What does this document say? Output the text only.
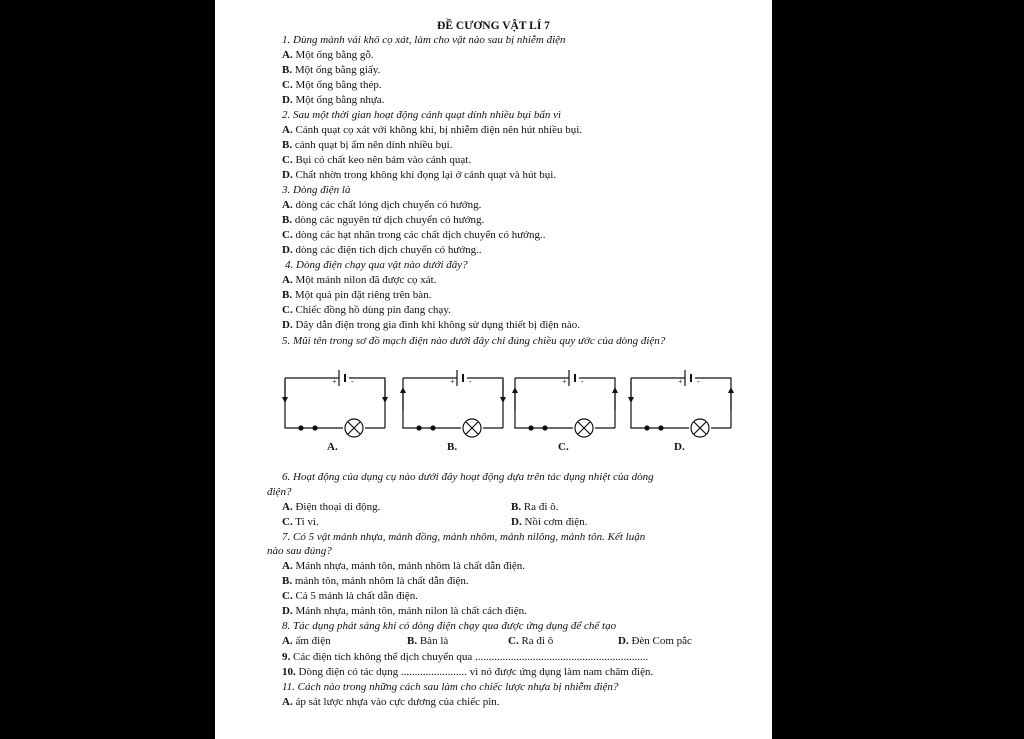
ĐỀ CƯƠNG VẬT LÍ 7
1. Dùng mảnh vải khô cọ xát, làm cho vật nào sau bị nhiễm điện
A. Một ống bằng gỗ.
B. Một ống bằng giấy.
C. Một ống bằng thép.
D. Một ống bằng nhựa.
2. Sau một thời gian hoạt động cánh quạt dính nhiều bụi bẩn vì
A. Cánh quạt cọ xát với không khí, bị nhiễm điện nên hút nhiều bụi.
B. cánh quạt bị ẩm nên dính nhiều bụi.
C. Bụi có chất keo nên bám vào cánh quạt.
D. Chất nhờn trong không khí đọng lại ở cánh quạt và hút bụi.
3. Dòng điện là
A. dòng các chất lỏng dịch chuyển có hướng.
B. dòng các nguyên tử dịch chuyển có hướng.
C. dòng các hạt nhân trong các chất dịch chuyển có hướng..
D. dòng các điện tích dịch chuyển có hướng..
4. Dòng điện chạy qua vật nào dưới đây?
A. Một mảnh nilon đã được cọ xát.
B. Một quả pin đặt riêng trên bàn.
C. Chiếc đồng hồ dùng pin đang chạy.
D. Dây dẫn điện trong gia đình khi không sử dụng thiết bị điện nào.
5. Mũi tên trong sơ đồ mạch điện nào dưới đây chỉ đúng chiều quy ước của dòng điện?
+ -	+ -	+ -	+ -
A.	B.	C.	D.
6. Hoạt động của dụng cụ nào dưới đây hoạt động dựa trên tác dụng nhiệt của dòng
điện?
A. Điện thoại di động.	B. Ra đi ô.
C. Ti vi.	D. Nồi cơm điện.
7. Có 5 vật mảnh nhựa, mảnh đồng, mảnh nhôm, mảnh nilông, mảnh tôn. Kết luận
nào sau đúng?
A. Mảnh nhựa, mảnh tôn, mảnh nhôm là chất dẫn điện.
B. mảnh tôn, mảnh nhôm là chất dẫn điện.
C. Cả 5 mảnh là chất dẫn điện.
D. Mảnh nhựa, mảnh tôn, mảnh nilon là chất cách điện.
8. Tác dụng phát sáng khi có dòng điện chạy qua được ứng dụng để chế tạo
A. ấm điện	B. Bàn là	C. Ra đi ô	D. Đèn Com pắc
9. Các điện tích không thể dịch chuyển qua ...............................................................
10. Dòng điện có tác dụng ........................ vì nó được ứng dụng làm nam châm điện.
11. Cách nào trong những cách sau làm cho chiếc lược nhựa bị nhiễm điện?
A. áp sát lược nhựa vào cực dương của chiếc pin.
